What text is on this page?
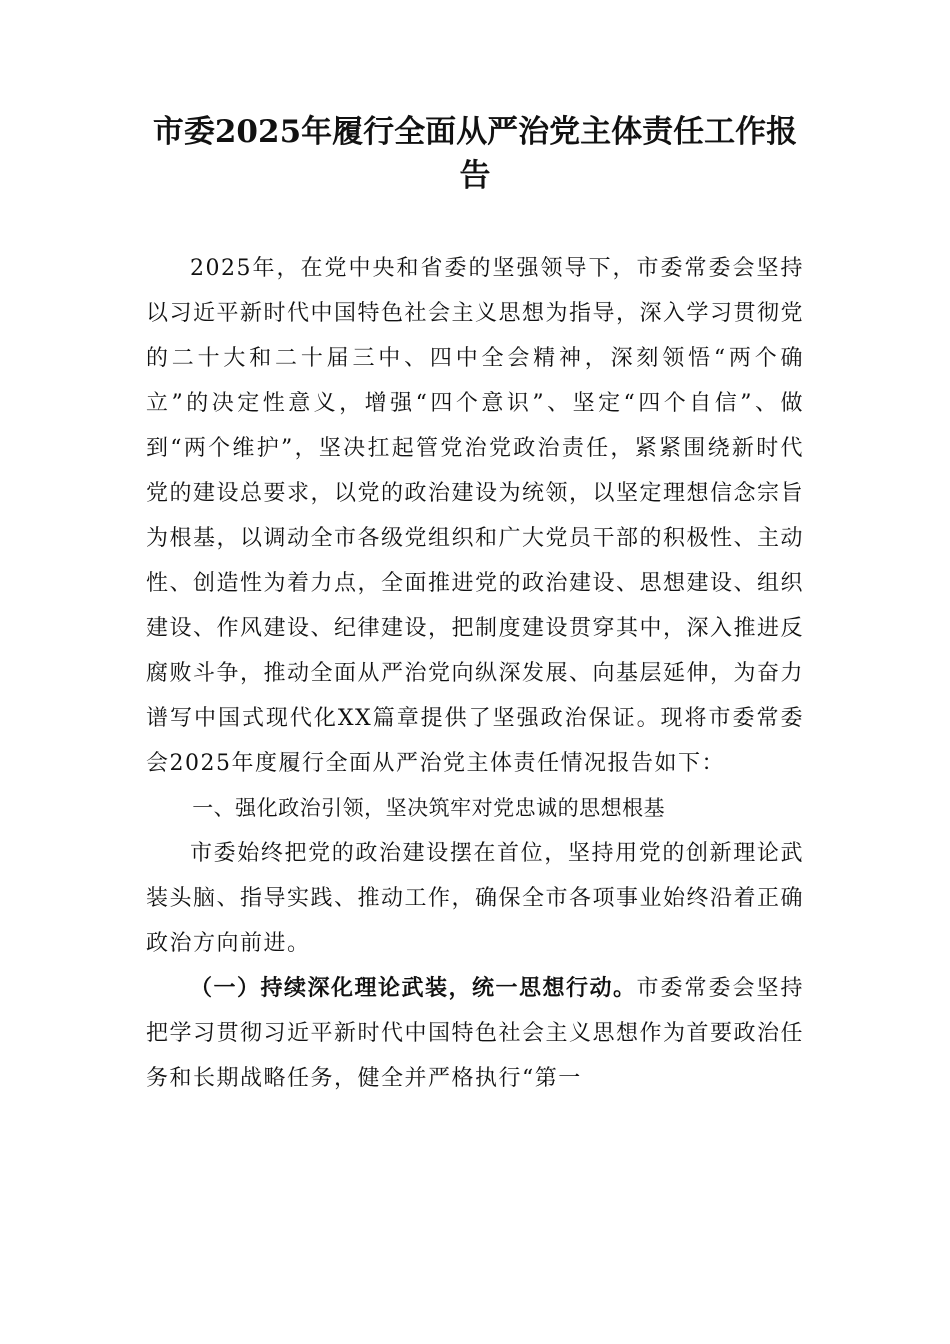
市委2025年履行全面从严治党主体责任工作报告

2025年，在党中央和省委的坚强领导下，市委常委会坚持以习近平新时代中国特色社会主义思想为指导，深入学习贯彻党的二十大和二十届三中、四中全会精神，深刻领悟“两个确立”的决定性意义，增强“四个意识”、坚定“四个自信”、做到“两个维护”，坚决扛起管党治党政治责任，紧紧围绕新时代党的建设总要求，以党的政治建设为统领，以坚定理想信念宗旨为根基，以调动全市各级党组织和广大党员干部的积极性、主动性、创造性为着力点，全面推进党的政治建设、思想建设、组织建设、作风建设、纪律建设，把制度建设贯穿其中，深入推进反腐败斗争，推动全面从严治党向纵深发展、向基层延伸，为奋力谱写中国式现代化XX篇章提供了坚强政治保证。现将市委常委会2025年度履行全面从严治党主体责任情况报告如下：

一、强化政治引领，坚决筑牢对党忠诚的思想根基

市委始终把党的政治建设摆在首位，坚持用党的创新理论武装头脑、指导实践、推动工作，确保全市各项事业始终沿着正确政治方向前进。

（一）持续深化理论武装，统一思想行动。市委常委会坚持把学习贯彻习近平新时代中国特色社会主义思想作为首要政治任务和长期战略任务，健全并严格执行“第一
